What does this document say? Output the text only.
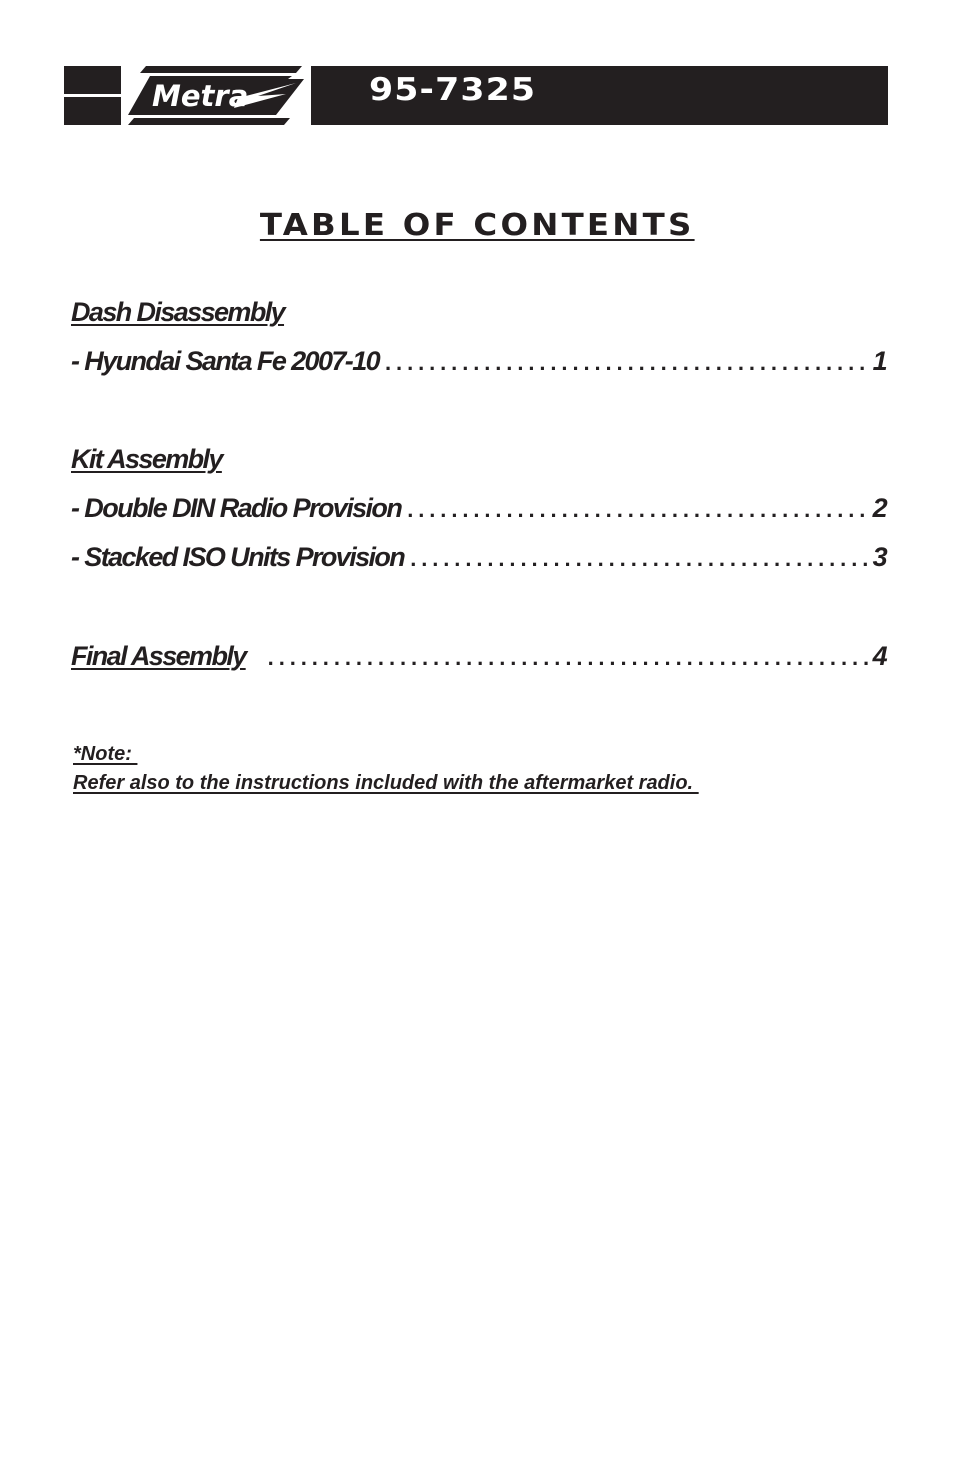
Metra	95-7325
TABLE OF CONTENTS
Dash Disassembly
- Hyundai Santa Fe 2007-10 . . .	1
Kit Assembly
- Double DIN Radio Provision . . .	2
- Stacked ISO Units Provision . . .	3
Final Assembly . . .	4
*Note:
Refer also to the instructions included with the aftermarket radio.
